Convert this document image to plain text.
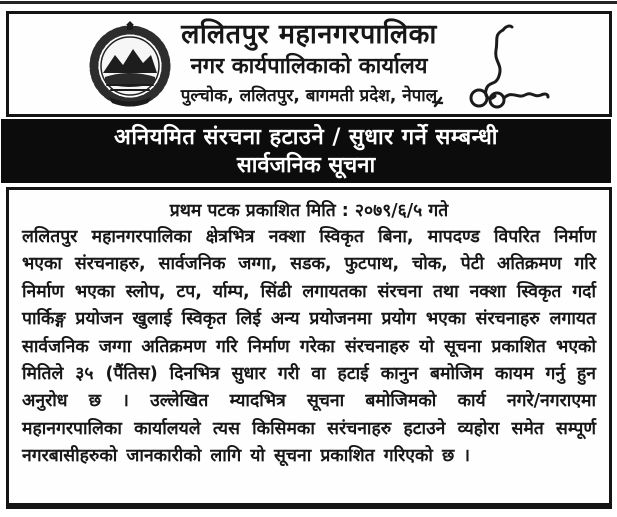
ललितपुर महानगरपालिका
नगर कार्यपालिकाको कार्यालय
पुल्चोक, ललितपुर, बागमती प्रदेश, नेपाल
अनियमित संरचना हटाउने / सुधार गर्ने सम्बन्धी
सार्वजनिक सूचना
प्रथम पटक प्रकाशित मिति : २०७९/६/५ गते

ललितपुर महानगरपालिका क्षेत्रभित्र नक्शा स्विकृत बिना, मापदण्ड विपरित निर्माण भएका संरचनाहरु, सार्वजनिक जग्गा, सडक, फुटपाथ, चोक, पेटी अतिक्रमण गरि निर्माण भएका स्लोप, टप, र्याम्प, सिंढी लगायतका संरचना तथा नक्शा स्विकृत गर्दा पार्किङ्ग प्रयोजन खुलाई स्विकृत लिई अन्य प्रयोजनमा प्रयोग भएका संरचनाहरु लगायत सार्वजनिक जग्गा अतिक्रमण गरि निर्माण गरेका संरचनाहरु यो सूचना प्रकाशित भएको मितिले ३५ (पैंतिस) दिनभित्र सुधार गरी वा हटाई कानुन बमोजिम कायम गर्नु हुन अनुरोध छ । उल्लेखित म्यादभित्र सूचना बमोजिमको कार्य नगरे/नगराएमा महानगरपालिका कार्यालयले त्यस किसिमका सरंचनाहरु हटाउने व्यहोरा समेत सम्पूर्ण नगरबासीहरुको जानकारीको लागि यो सूचना प्रकाशित गरिएको छ ।
